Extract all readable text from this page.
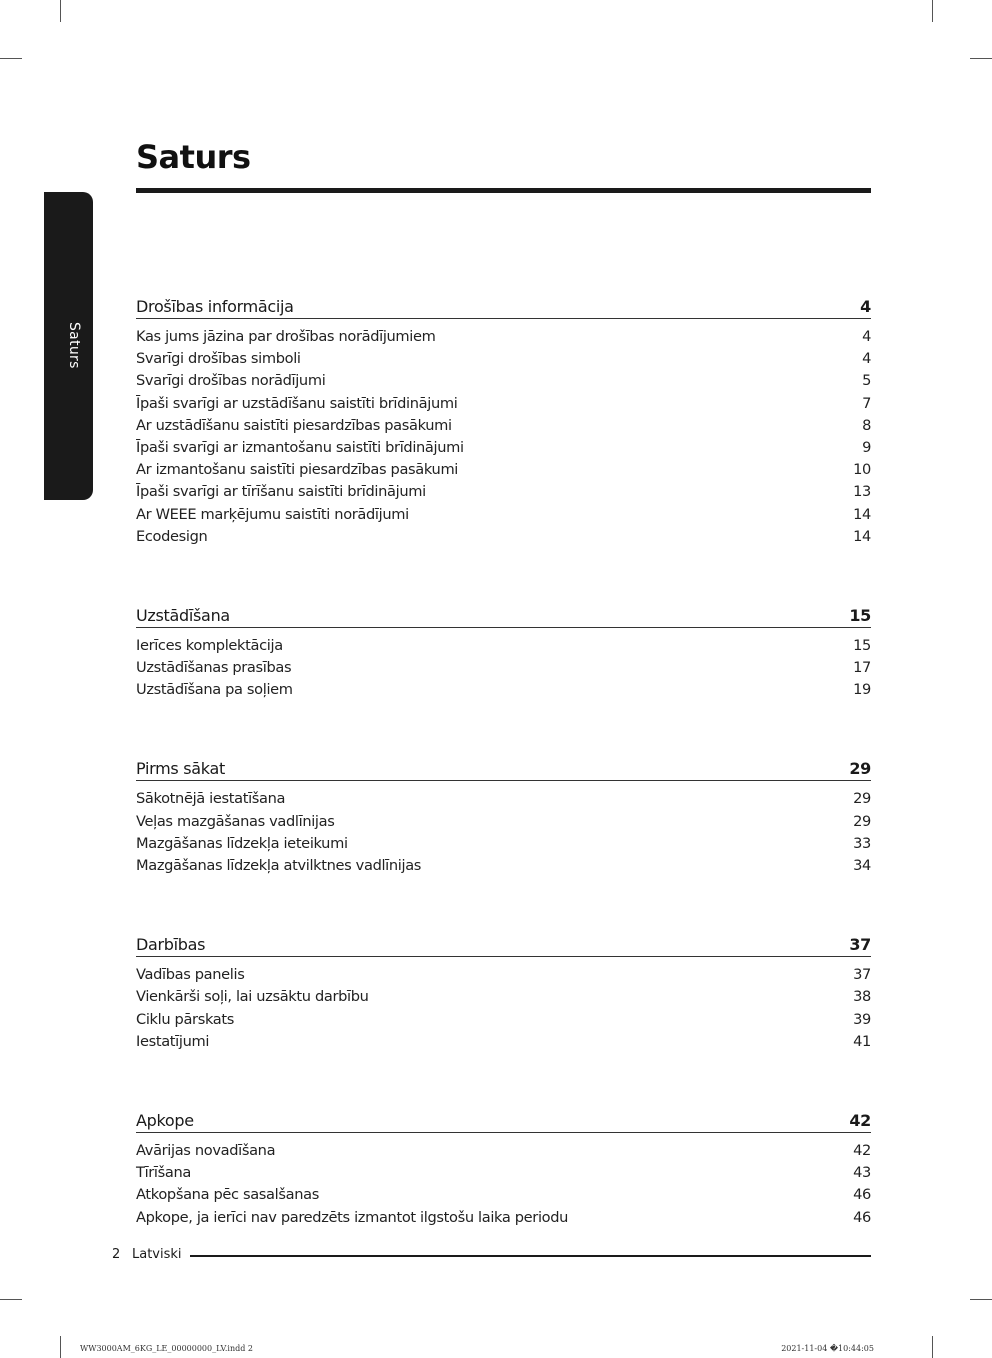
Saturs
Saturs
Drošības informācija	4
Kas jums jāzina par drošības norādījumiem	4
Svarīgi drošības simboli	4
Svarīgi drošības norādījumi	5
Īpaši svarīgi ar uzstādīšanu saistīti brīdinājumi	7
Ar uzstādīšanu saistīti piesardzības pasākumi	8
Īpaši svarīgi ar izmantošanu saistīti brīdinājumi	9
Ar izmantošanu saistīti piesardzības pasākumi	10
Īpaši svarīgi ar tīrīšanu saistīti brīdinājumi	13
Ar WEEE marķējumu saistīti norādījumi	14
Ecodesign	14
Uzstādīšana	15
Ierīces komplektācija	15
Uzstādīšanas prasības	17
Uzstādīšana pa soļiem	19
Pirms sākat	29
Sākotnējā iestatīšana	29
Veļas mazgāšanas vadlīnijas	29
Mazgāšanas līdzekļa ieteikumi	33
Mazgāšanas līdzekļa atvilktnes vadlīnijas	34
Darbības	37
Vadības panelis	37
Vienkārši soļi, lai uzsāktu darbību	38
Ciklu pārskats	39
Iestatījumi	41
Apkope	42
Avārijas novadīšana	42
Tīrīšana	43
Atkopšana pēc sasalšanas	46
Apkope, ja ierīci nav paredzēts izmantot ilgstošu laika periodu	46
2 Latviski
WW3000AM_6KG_LE_00000000_LV.indd 2	2021-11-04 �10:44:05
